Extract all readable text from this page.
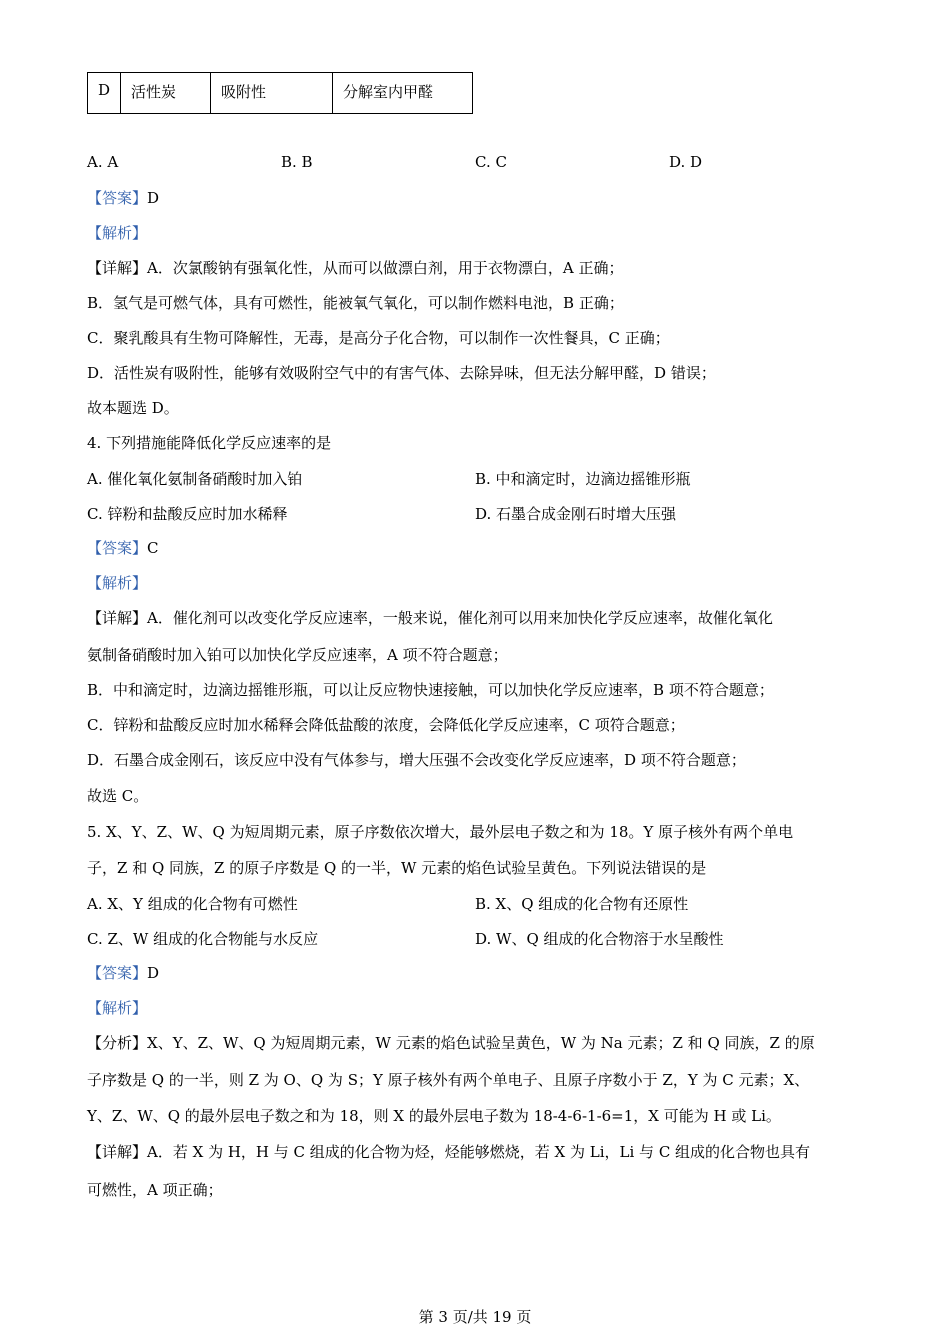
D	活性炭	吸附性	分解室内甲醛
A. A	B. B	C. C	D. D
【答案】D
【解析】
【详解】A．次氯酸钠有强氧化性，从而可以做漂白剂，用于衣物漂白，A 正确；
B．氢气是可燃气体，具有可燃性，能被氧气氧化，可以制作燃料电池，B 正确；
C．聚乳酸具有生物可降解性，无毒，是高分子化合物，可以制作一次性餐具，C 正确；
D．活性炭有吸附性，能够有效吸附空气中的有害气体、去除异味，但无法分解甲醛，D 错误；
故本题选 D。
4. 下列措施能降低化学反应速率的是
A. 催化氧化氨制备硝酸时加入铂	B. 中和滴定时，边滴边摇锥形瓶
C. 锌粉和盐酸反应时加水稀释	D. 石墨合成金刚石时增大压强
【答案】C
【解析】
【详解】A．催化剂可以改变化学反应速率，一般来说，催化剂可以用来加快化学反应速率，故催化氧化
氨制备硝酸时加入铂可以加快化学反应速率，A 项不符合题意；
B．中和滴定时，边滴边摇锥形瓶，可以让反应物快速接触，可以加快化学反应速率，B 项不符合题意；
C．锌粉和盐酸反应时加水稀释会降低盐酸的浓度，会降低化学反应速率，C 项符合题意；
D．石墨合成金刚石，该反应中没有气体参与，增大压强不会改变化学反应速率，D 项不符合题意；
故选 C。
5. X、Y、Z、W、Q 为短周期元素，原子序数依次增大，最外层电子数之和为 18。Y 原子核外有两个单电
子，Z 和 Q 同族，Z 的原子序数是 Q 的一半，W 元素的焰色试验呈黄色。下列说法错误的是
A. X、Y 组成的化合物有可燃性	B. X、Q 组成的化合物有还原性
C. Z、W 组成的化合物能与水反应	D. W、Q 组成的化合物溶于水呈酸性
【答案】D
【解析】
【分析】X、Y、Z、W、Q 为短周期元素，W 元素的焰色试验呈黄色，W 为 Na 元素；Z 和 Q 同族，Z 的原
子序数是 Q 的一半，则 Z 为 O、Q 为 S；Y 原子核外有两个单电子、且原子序数小于 Z，Y 为 C 元素；X、
Y、Z、W、Q 的最外层电子数之和为 18，则 X 的最外层电子数为 18-4-6-1-6=1，X 可能为 H 或 Li。
【详解】A．若 X 为 H，H 与 C 组成的化合物为烃，烃能够燃烧，若 X 为 Li，Li 与 C 组成的化合物也具有
可燃性，A 项正确；
第 3 页/共 19 页
